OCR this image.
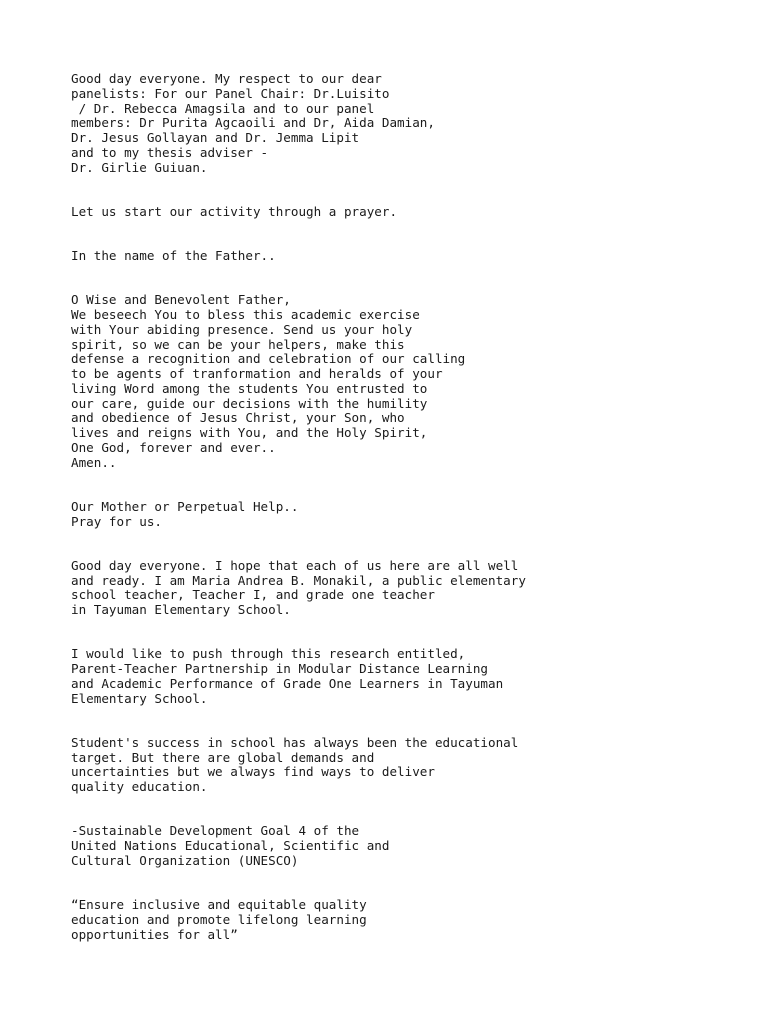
Good day everyone. My respect to our dear
panelists: For our Panel Chair: Dr.Luisito
/ Dr. Rebecca Amagsila and to our panel
members: Dr Purita Agcaoili and Dr, Aida Damian,
Dr. Jesus Gollayan and Dr. Jemma Lipit
and to my thesis adviser -
Dr. Girlie Guiuan.

Let us start our activity through a prayer.

In the name of the Father..

O Wise and Benevolent Father,
We beseech You to bless this academic exercise
with Your abiding presence. Send us your holy
spirit, so we can be your helpers, make this
defense a recognition and celebration of our calling
to be agents of tranformation and heralds of your
living Word among the students You entrusted to
our care, guide our decisions with the humility
and obedience of Jesus Christ, your Son, who
lives and reigns with You, and the Holy Spirit,
One God, forever and ever..
Amen..

Our Mother or Perpetual Help..
Pray for us.

Good day everyone. I hope that each of us here are all well
and ready. I am Maria Andrea B. Monakil, a public elementary
school teacher, Teacher I, and grade one teacher
in Tayuman Elementary School.

I would like to push through this research entitled,
Parent-Teacher Partnership in Modular Distance Learning
and Academic Performance of Grade One Learners in Tayuman
Elementary School.

Student's success in school has always been the educational
target. But there are global demands and
uncertainties but we always find ways to deliver
quality education.

-Sustainable Development Goal 4 of the
United Nations Educational, Scientific and
Cultural Organization (UNESCO)

“Ensure inclusive and equitable quality
education and promote lifelong learning
opportunities for all”
